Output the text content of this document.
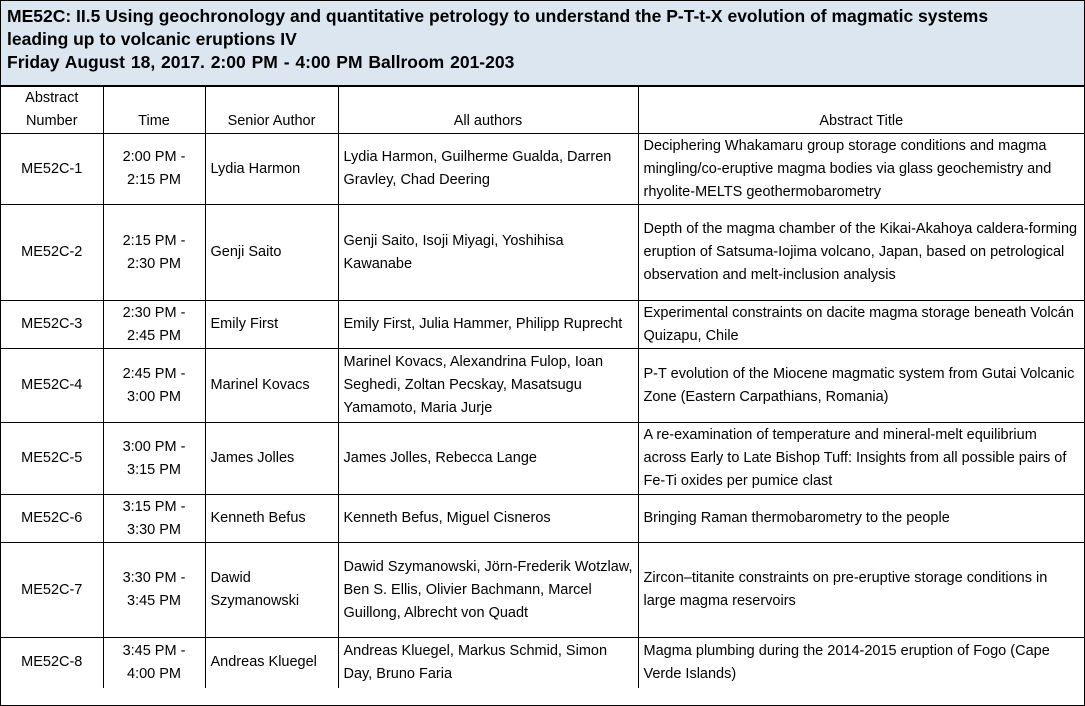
ME52C: II.5 Using geochronology and quantitative petrology to understand the P-T-t-X evolution of magmatic systems
leading up to volcanic eruptions IV
Friday August 18, 2017. 2:00 PM - 4:00 PM Ballroom 201-203
Abstract
Number	Time	Senior Author	All authors	Abstract Title
ME52C-1	2:00 PM -
2:15 PM	Lydia Harmon	Lydia Harmon, Guilherme Gualda, Darren Gravley, Chad Deering	Deciphering Whakamaru group storage conditions and magma mingling/co-eruptive magma bodies via glass geochemistry and rhyolite-MELTS geothermobarometry
ME52C-2	2:15 PM -
2:30 PM	Genji Saito	Genji Saito, Isoji Miyagi, Yoshihisa Kawanabe	Depth of the magma chamber of the Kikai-Akahoya caldera-forming eruption of Satsuma-Iojima volcano, Japan, based on petrological observation and melt-inclusion analysis
ME52C-3	2:30 PM -
2:45 PM	Emily First	Emily First, Julia Hammer, Philipp Ruprecht	Experimental constraints on dacite magma storage beneath Volcán Quizapu, Chile
ME52C-4	2:45 PM -
3:00 PM	Marinel Kovacs	Marinel Kovacs, Alexandrina Fulop, Ioan Seghedi, Zoltan Pecskay, Masatsugu Yamamoto, Maria Jurje	P-T evolution of the Miocene magmatic system from Gutai Volcanic Zone (Eastern Carpathians, Romania)
ME52C-5	3:00 PM -
3:15 PM	James Jolles	James Jolles, Rebecca Lange	A re-examination of temperature and mineral-melt equilibrium across Early to Late Bishop Tuff: Insights from all possible pairs of Fe-Ti oxides per pumice clast
ME52C-6	3:15 PM -
3:30 PM	Kenneth Befus	Kenneth Befus, Miguel Cisneros	Bringing Raman thermobarometry to the people
ME52C-7	3:30 PM -
3:45 PM	Dawid Szymanowski	Dawid Szymanowski, Jörn-Frederik Wotzlaw, Ben S. Ellis, Olivier Bachmann, Marcel Guillong, Albrecht von Quadt	Zircon–titanite constraints on pre-eruptive storage conditions in large magma reservoirs
ME52C-8	3:45 PM -
4:00 PM	Andreas Kluegel	Andreas Kluegel, Markus Schmid, Simon Day, Bruno Faria	Magma plumbing during the 2014-2015 eruption of Fogo (Cape Verde Islands)
